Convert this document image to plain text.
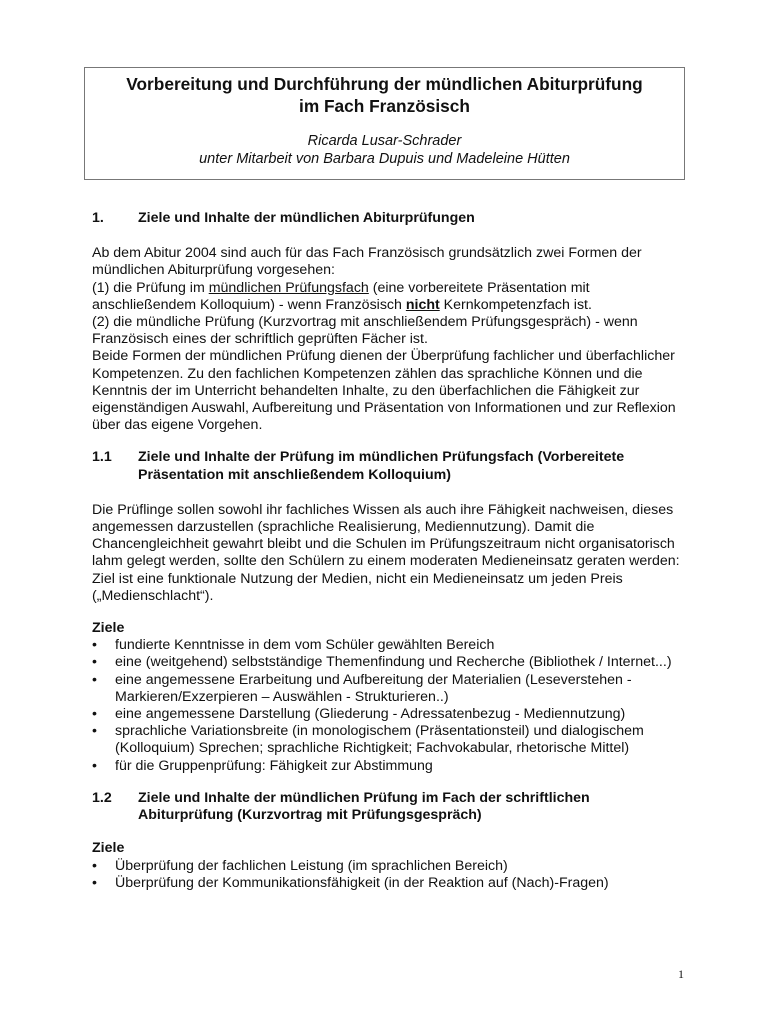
Vorbereitung und Durchführung der mündlichen Abiturprüfung
im Fach Französisch
Ricarda Lusar-Schrader
unter Mitarbeit von Barbara Dupuis und Madeleine Hütten
1.	Ziele und Inhalte der mündlichen Abiturprüfungen

Ab dem Abitur 2004 sind auch für das Fach Französisch grundsätzlich zwei Formen der mündlichen Abiturprüfung vorgesehen:

(1) die Prüfung im mündlichen Prüfungsfach (eine vorbereitete Präsentation mit anschließendem Kolloquium) - wenn Französisch nicht Kernkompetenzfach ist.

(2) die mündliche Prüfung (Kurzvortrag mit anschließendem Prüfungsgespräch) - wenn Französisch eines der schriftlich geprüften Fächer ist.

Beide Formen der mündlichen Prüfung dienen der Überprüfung fachlicher und überfachlicher Kompetenzen. Zu den fachlichen Kompetenzen zählen das sprachliche Können und die Kenntnis der im Unterricht behandelten Inhalte, zu den überfachlichen die Fähigkeit zur eigenständigen Auswahl, Aufbereitung und Präsentation von Informationen und zur Reflexion über das eigene Vorgehen.

1.1	Ziele und Inhalte der Prüfung im mündlichen Prüfungsfach (Vorbereitete Präsentation mit anschließendem Kolloquium)

Die Prüflinge sollen sowohl ihr fachliches Wissen als auch ihre Fähigkeit nachweisen, dieses angemessen darzustellen (sprachliche Realisierung, Mediennutzung). Damit die Chancengleichheit gewahrt bleibt und die Schulen im Prüfungszeitraum nicht organisatorisch lahm gelegt werden, sollte den Schülern zu einem moderaten Medieneinsatz geraten werden: Ziel ist eine funktionale Nutzung der Medien, nicht ein Medieneinsatz um jeden Preis („Medienschlacht“).

Ziele

• fundierte Kenntnisse in dem vom Schüler gewählten Bereich
• eine (weitgehend) selbstständige Themenfindung und Recherche (Bibliothek / Internet...)
• eine angemessene Erarbeitung und Aufbereitung der Materialien (Leseverstehen - Markieren/Exzerpieren – Auswählen - Strukturieren..)
• eine angemessene Darstellung (Gliederung - Adressatenbezug - Mediennutzung)
• sprachliche Variationsbreite (in monologischem (Präsentationsteil) und dialogischem (Kolloquium) Sprechen; sprachliche Richtigkeit; Fachvokabular, rhetorische Mittel)
• für die Gruppenprüfung: Fähigkeit zur Abstimmung
1.2	Ziele und Inhalte der mündlichen Prüfung im Fach der schriftlichen Abiturprüfung (Kurzvortrag mit Prüfungsgespräch)

Ziele

• Überprüfung der fachlichen Leistung (im sprachlichen Bereich)
• Überprüfung der Kommunikationsfähigkeit (in der Reaktion auf (Nach)-Fragen)
1
